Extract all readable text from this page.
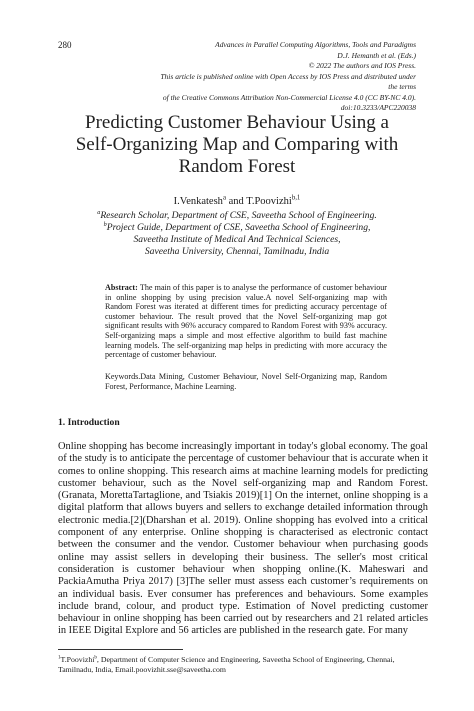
280	Advances in Parallel Computing Algorithms, Tools and Paradigms
D.J. Hemanth et al. (Eds.)
© 2022 The authors and IOS Press.
This article is published online with Open Access by IOS Press and distributed under the terms
of the Creative Commons Attribution Non-Commercial License 4.0 (CC BY-NC 4.0).
doi:10.3233/APC220038
Predicting Customer Behaviour Using a
Self-Organizing Map and Comparing with
Random Forest
I.Venkatesh$^a$ and T.Poovizhi$^{b,1}$
$^a$Research Scholar, Department of CSE, Saveetha School of Engineering.
$^b$Project Guide, Department of CSE, Saveetha School of Engineering,
Saveetha Institute of Medical And Technical Sciences,
Saveetha University, Chennai, Tamilnadu, India
Abstract: The main of this paper is to analyse the performance of customer behaviour in online shopping by using precision value.A novel Self-organizing map with Random Forest was iterated at different times for predicting accuracy percentage of customer behaviour. The result proved that the Novel Self-organizing map got significant results with 96% accuracy compared to Random Forest with 93% accuracy. Self-organizing maps a simple and most effective algorithm to build fast machine learning models. The self-organizing map helps in predicting with more accuracy the percentage of customer behaviour.
Keywords.Data Mining, Customer Behaviour, Novel Self-Organizing map, Random Forest, Performance, Machine Learning.
1. Introduction
Online shopping has become increasingly important in today's global economy. The goal of the study is to anticipate the percentage of customer behaviour that is accurate when it comes to online shopping. This research aims at machine learning models for predicting customer behaviour, such as the Novel self-organizing map and Random Forest. (Granata, MorettaTartaglione, and Tsiakis 2019)[1] On the internet, online shopping is a digital platform that allows buyers and sellers to exchange detailed information through electronic media.[2](Dharshan et al. 2019). Online shopping has evolved into a critical component of any enterprise. Online shopping is characterised as electronic contact between the consumer and the vendor. Customer behaviour when purchasing goods online may assist sellers in developing their business. The seller's most critical consideration is customer behaviour when shopping online.(K. Maheswari and PackiaAmutha Priya 2017) [3]The seller must assess each customer’s requirements on an individual basis. Ever consumer has preferences and behaviours. Some examples include brand, colour, and product type. Estimation of Novel predicting customer behaviour in online shopping has been carried out by researchers and 21 related articles in IEEE Digital Explore and 56 articles are published in the research gate. For many
$^1$T.Poovizhi$^b$, Department of Computer Science and Engineering, Saveetha School of Engineering, Chennai, Tamilnadu, India, Email.poovizhit.sse@saveetha.com
